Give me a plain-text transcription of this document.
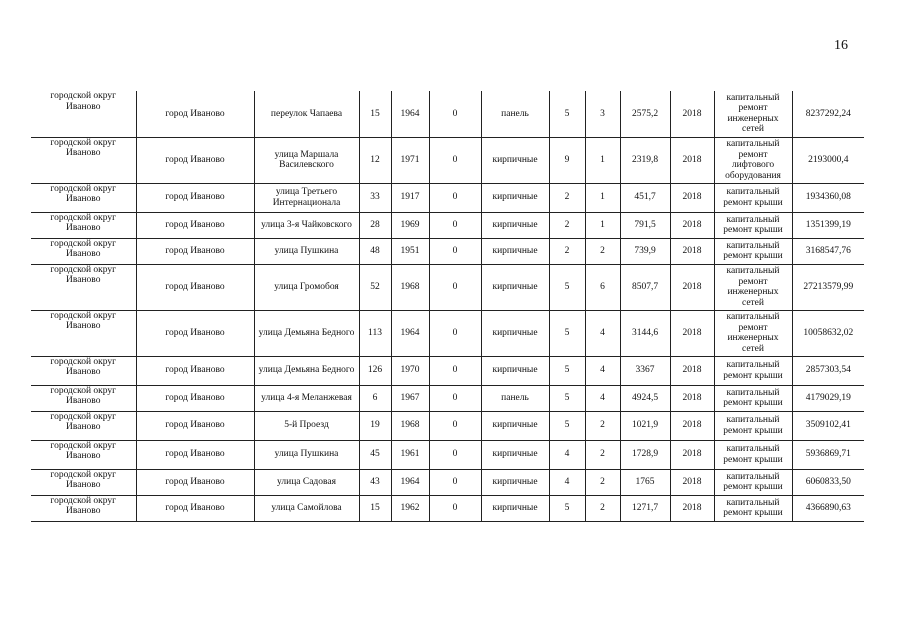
16
городской округ Иваново	город Иваново	переулок Чапаева	15	1964	0	панель	5	3	2575,2	2018	капитальный ремонт инженерных сетей	8237292,24
городской округ Иваново	город Иваново	улица Маршала Василевского	12	1971	0	кирпичные	9	1	2319,8	2018	капитальный ремонт лифтового оборудования	2193000,4
городской округ Иваново	город Иваново	улица Третьего Интернационала	33	1917	0	кирпичные	2	1	451,7	2018	капитальный ремонт крыши	1934360,08
городской округ Иваново	город Иваново	улица 3-я Чайковского	28	1969	0	кирпичные	2	1	791,5	2018	капитальный ремонт крыши	1351399,19
городской округ Иваново	город Иваново	улица Пушкина	48	1951	0	кирпичные	2	2	739,9	2018	капитальный ремонт крыши	3168547,76
городской округ Иваново	город Иваново	улица Громобоя	52	1968	0	кирпичные	5	6	8507,7	2018	капитальный ремонт инженерных сетей	27213579,99
городской округ Иваново	город Иваново	улица Демьяна Бедного	113	1964	0	кирпичные	5	4	3144,6	2018	капитальный ремонт инженерных сетей	10058632,02
городской округ Иваново	город Иваново	улица Демьяна Бедного	126	1970	0	кирпичные	5	4	3367	2018	капитальный ремонт крыши	2857303,54
городской округ Иваново	город Иваново	улица 4-я Меланжевая	6	1967	0	панель	5	4	4924,5	2018	капитальный ремонт крыши	4179029,19
городской округ Иваново	город Иваново	5-й Проезд	19	1968	0	кирпичные	5	2	1021,9	2018	капитальный ремонт крыши	3509102,41
городской округ Иваново	город Иваново	улица Пушкина	45	1961	0	кирпичные	4	2	1728,9	2018	капитальный ремонт крыши	5936869,71
городской округ Иваново	город Иваново	улица Садовая	43	1964	0	кирпичные	4	2	1765	2018	капитальный ремонт крыши	6060833,50
городской округ Иваново	город Иваново	улица Самойлова	15	1962	0	кирпичные	5	2	1271,7	2018	капитальный ремонт крыши	4366890,63
